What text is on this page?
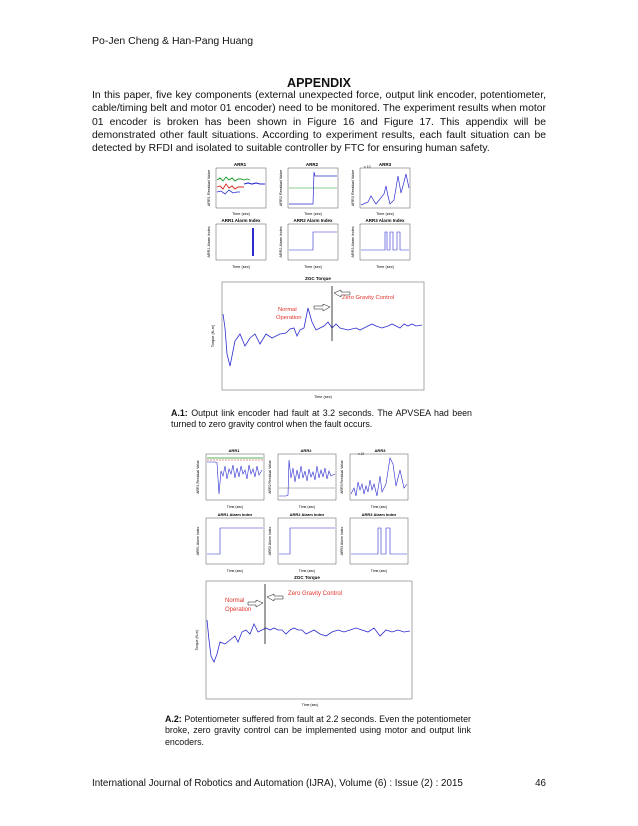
Po-Jen Cheng & Han-Pang Huang
APPENDIX
In this paper, five key components (external unexpected force, output link encoder, potentiometer, cable/timing belt and motor 01 encoder) need to be monitored. The experiment results when motor 01 encoder is broken has been shown in Figure 16 and Figure 17. This appendix will be demonstrated other fault situations. According to experiment results, each fault situation can be detected by RFDI and isolated to suitable controller by FTC for ensuring human safety.
ARR1	ARR2	ARR3
x 10
Time (sec)	Time (sec)	Time (sec)
ARR1 Residual Value	ARR2 Residual Value	ARR3 Residual Value
ARR1 Alarm Index	ARR2 Alarm Index	ARR3 Alarm Index
Time (sec)	Time (sec)	Time (sec)
ARR1 Alarm Index	ARR2 Alarm Index	ARR3 Alarm Index
ZGC Torque
Zero Gravity Control
Normal
Operation
Time (sec)
Torque (N-m)
A.1: Output link encoder had fault at 3.2 seconds. The APVSEA had been turned to zero gravity control when the fault occurs.
ARR1	ARR2	ARR3
x 10
Time (sec)	Time (sec)	Time (sec)
ARR1 Residual Value	ARR2 Residual Value	ARR3 Residual Value
ARR1 Alarm Index	ARR2 Alarm Index	ARR3 Alarm Index
Time (sec)	Time (sec)	Time (sec)
ARR1 Alarm Index	ARR2 Alarm Index	ARR3 Alarm Index
ZGC Torque
Zero Gravity Control
Normal
Operation
Time (sec)
Torque (N-m)
A.2: Potentiometer suffered from fault at 2.2 seconds. Even the potentiometer broke, zero gravity control can be implemented using motor and output link encoders.
International Journal of Robotics and Automation (IJRA), Volume (6) : Issue (2) : 2015	46
